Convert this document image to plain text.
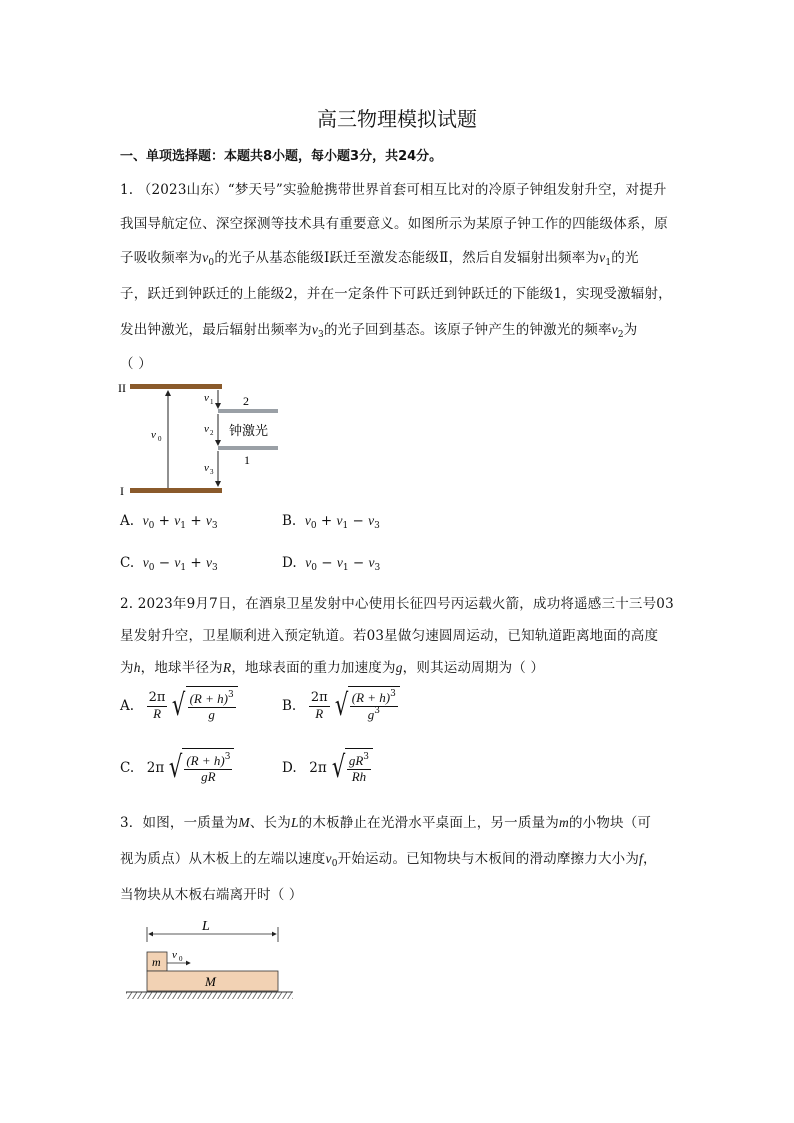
高三物理模拟试题
一、单项选择题：本题共8小题，每小题3分，共24分。
1. （2023山东）“梦天号”实验舱携带世界首套可相互比对的冷原子钟组发射升空，对提升
我国导航定位、深空探测等技术具有重要意义。如图所示为某原子钟工作的四能级体系，原
子吸收频率为$\nu_0$的光子从基态能级Ⅰ跃迁至激发态能级Ⅱ，然后自发辐射出频率为$\nu_1$的光
子，跃迁到钟跃迁的上能级2，并在一定条件下可跃迁到钟跃迁的下能级1，实现受激辐射，
发出钟激光，最后辐射出频率为$\nu_3$的光子回到基态。该原子钟产生的钟激光的频率$\nu_2$为
（ ）
II
I
2
1
ν 0
ν 1
ν 2
ν 3
钟激光
A. $\nu_0 + \nu_1 + \nu_3$	B. $\nu_0 + \nu_1 - \nu_3$
C. $\nu_0 - \nu_1 + \nu_3$	D. $\nu_0 - \nu_1 - \nu_3$
2. 2023年9月7日，在酒泉卫星发射中心使用长征四号丙运载火箭，成功将遥感三十三号03
星发射升空，卫星顺利进入预定轨道。若03星做匀速圆周运动，已知轨道距离地面的高度
为h，地球半径为R，地球表面的重力加速度为g，则其运动周期为（ ）
A.
$\frac{2\pi}{R}$ √ $\frac{(R + h)^3}{g}$	B.
$\frac{2\pi}{R}$ √ $\frac{(R + h)^3}{g^3}$
C.
2π √ $\frac{(R + h)^3}{gR}$	D.
2π √ $\frac{gR^3}{Rh}$
3．如图，一质量为M、长为L的木板静止在光滑水平桌面上，另一质量为m的小物块（可
视为质点）从木板上的左端以速度$v_0$开始运动。已知物块与木板间的滑动摩擦力大小为f，
当物块从木板右端离开时（ ）
L
m v 0
M
